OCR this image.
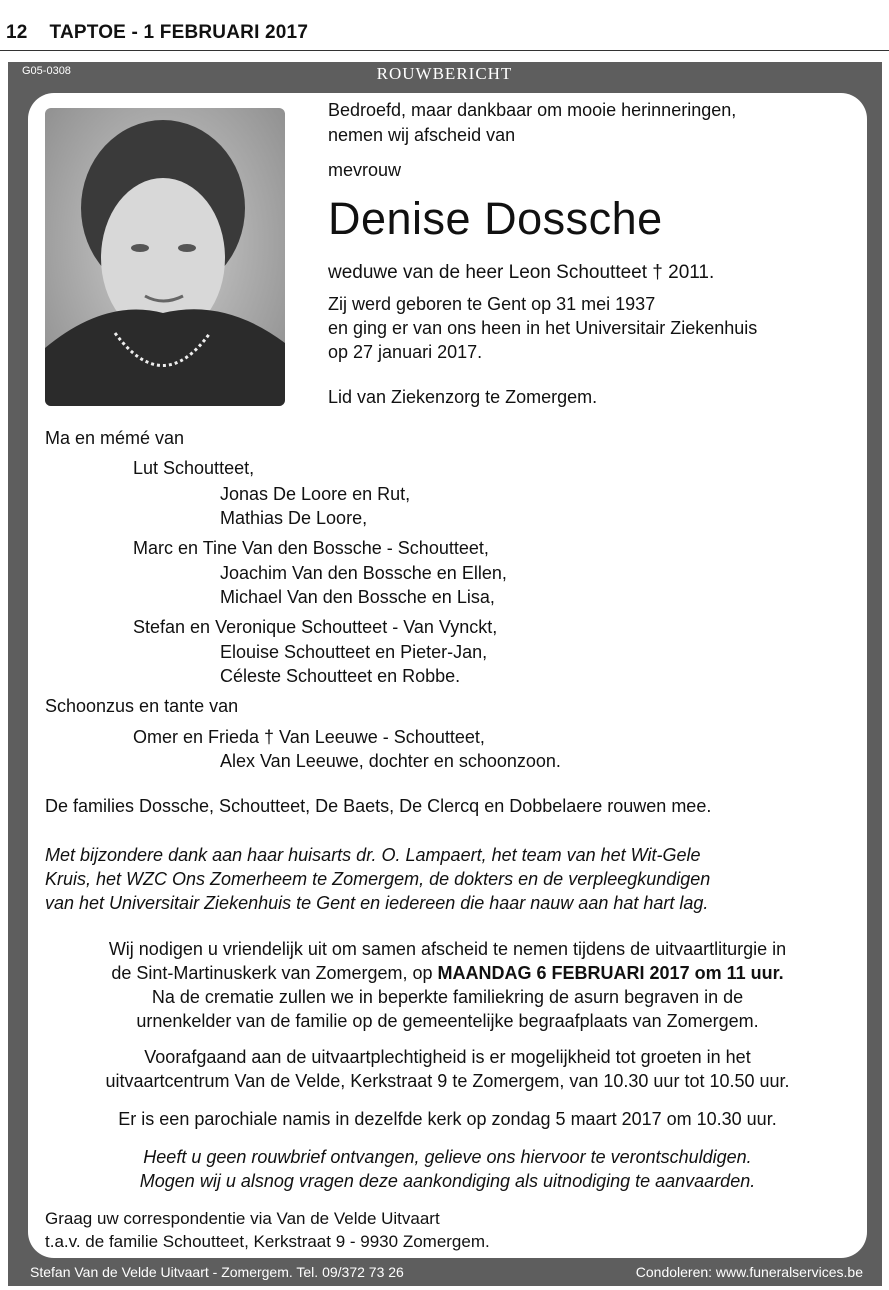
12 TAPTOE - 1 FEBRUARI 2017
G05-0308	ROUWBERICHT
Bedroefd, maar dankbaar om mooie herinneringen,
nemen wij afscheid van
mevrouw
Denise Dossche
weduwe van de heer Leon Schoutteet † 2011.
Zij werd geboren te Gent op 31 mei 1937
en ging er van ons heen in het Universitair Ziekenhuis
op 27 januari 2017.
Lid van Ziekenzorg te Zomergem.
Ma en mémé van
Lut Schoutteet,
Jonas De Loore en Rut,
Mathias De Loore,
Marc en Tine Van den Bossche - Schoutteet,
Joachim Van den Bossche en Ellen,
Michael Van den Bossche en Lisa,
Stefan en Veronique Schoutteet - Van Vynckt,
Elouise Schoutteet en Pieter-Jan,
Céleste Schoutteet en Robbe.
Schoonzus en tante van
Omer en Frieda † Van Leeuwe - Schoutteet,
Alex Van Leeuwe, dochter en schoonzoon.
De families Dossche, Schoutteet, De Baets, De Clercq en Dobbelaere rouwen mee.
Met bijzondere dank aan haar huisarts dr. O. Lampaert, het team van het Wit-Gele
Kruis, het WZC Ons Zomerheem te Zomergem, de dokters en de verpleegkundigen
van het Universitair Ziekenhuis te Gent en iedereen die haar nauw aan hat hart lag.
Wij nodigen u vriendelijk uit om samen afscheid te nemen tijdens de uitvaartliturgie in
de Sint-Martinuskerk van Zomergem, op MAANDAG 6 FEBRUARI 2017 om 11 uur.
Na de crematie zullen we in beperkte familiekring de asurn begraven in de
urnenkelder van de familie op de gemeentelijke begraafplaats van Zomergem.
Voorafgaand aan de uitvaartplechtigheid is er mogelijkheid tot groeten in het
uitvaartcentrum Van de Velde, Kerkstraat 9 te Zomergem, van 10.30 uur tot 10.50 uur.
Er is een parochiale namis in dezelfde kerk op zondag 5 maart 2017 om 10.30 uur.
Heeft u geen rouwbrief ontvangen, gelieve ons hiervoor te verontschuldigen.
Mogen wij u alsnog vragen deze aankondiging als uitnodiging te aanvaarden.
Graag uw correspondentie via Van de Velde Uitvaart
t.a.v. de familie Schoutteet, Kerkstraat 9 - 9930 Zomergem.
Stefan Van de Velde Uitvaart - Zomergem. Tel. 09/372 73 26	Condoleren: www.funeralservices.be
